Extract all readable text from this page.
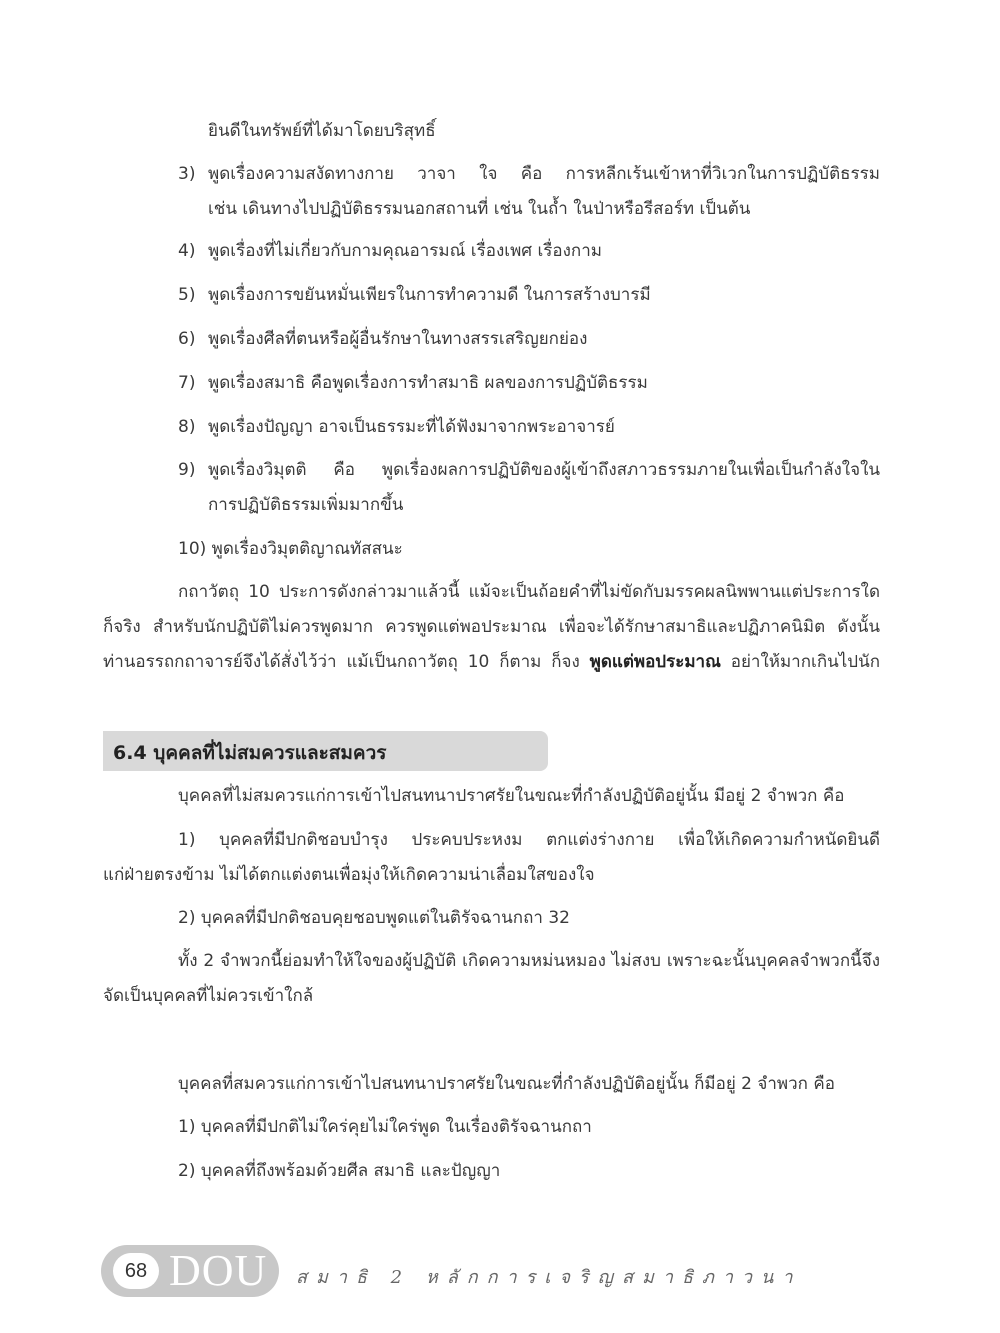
ยินดีในทรัพย์ที่ได้มาโดยบริสุทธิ์
3) พูดเรื่องความสงัดทางกาย วาจา ใจ คือ การหลีกเร้นเข้าหาที่วิเวกในการปฏิบัติธรรม
เช่น เดินทางไปปฏิบัติธรรมนอกสถานที่ เช่น ในถ้ำ ในป่าหรือรีสอร์ท เป็นต้น
4) พูดเรื่องที่ไม่เกี่ยวกับกามคุณอารมณ์ เรื่องเพศ เรื่องกาม
5) พูดเรื่องการขยันหมั่นเพียรในการทำความดี ในการสร้างบารมี
6) พูดเรื่องศีลที่ตนหรือผู้อื่นรักษาในทางสรรเสริญยกย่อง
7) พูดเรื่องสมาธิ คือพูดเรื่องการทำสมาธิ ผลของการปฏิบัติธรรม
8) พูดเรื่องปัญญา อาจเป็นธรรมะที่ได้ฟังมาจากพระอาจารย์
9) พูดเรื่องวิมุตติ คือ พูดเรื่องผลการปฏิบัติของผู้เข้าถึงสภาวธรรมภายในเพื่อเป็นกำลังใจใน
การปฏิบัติธรรมเพิ่มมากขึ้น
10) พูดเรื่องวิมุตติญาณทัสสนะ
กถาวัตถุ 10 ประการดังกล่าวมาแล้วนี้ แม้จะเป็นถ้อยคำที่ไม่ขัดกับมรรคผลนิพพานแต่ประการใด
ก็จริง สำหรับนักปฏิบัติไม่ควรพูดมาก ควรพูดแต่พอประมาณ เพื่อจะได้รักษาสมาธิและปฏิภาคนิมิต ดังนั้น
ท่านอรรถกถาจารย์จึงได้สั่งไว้ว่า แม้เป็นกถาวัตถุ 10 ก็ตาม ก็จง พูดแต่พอประมาณ อย่าให้มากเกินไปนัก
6.4 บุคคลที่ไม่สมควรและสมควร
บุคคลที่ไม่สมควรแก่การเข้าไปสนทนาปราศรัยในขณะที่กำลังปฏิบัติอยู่นั้น มีอยู่ 2 จำพวก คือ
1) บุคคลที่มีปกติชอบบำรุง ประคบประหงม ตกแต่งร่างกาย เพื่อให้เกิดความกำหนัดยินดี
แก่ฝ่ายตรงข้าม ไม่ได้ตกแต่งตนเพื่อมุ่งให้เกิดความน่าเลื่อมใสของใจ
2) บุคคลที่มีปกติชอบคุยชอบพูดแต่ในติรัจฉานกถา 32
ทั้ง 2 จำพวกนี้ย่อมทำให้ใจของผู้ปฏิบัติ เกิดความหม่นหมอง ไม่สงบ เพราะฉะนั้นบุคคลจำพวกนี้จึง
จัดเป็นบุคคลที่ไม่ควรเข้าใกล้
บุคคลที่สมควรแก่การเข้าไปสนทนาปราศรัยในขณะที่กำลังปฏิบัติอยู่นั้น ก็มีอยู่ 2 จำพวก คือ
1) บุคคลที่มีปกติไม่ใคร่คุยไม่ใคร่พูด ในเรื่องติรัจฉานกถา
2) บุคคลที่ถึงพร้อมด้วยศีล สมาธิ และปัญญา
68 DOU สมาธิ 2 หลักการเจริญสมาธิภาวนา
